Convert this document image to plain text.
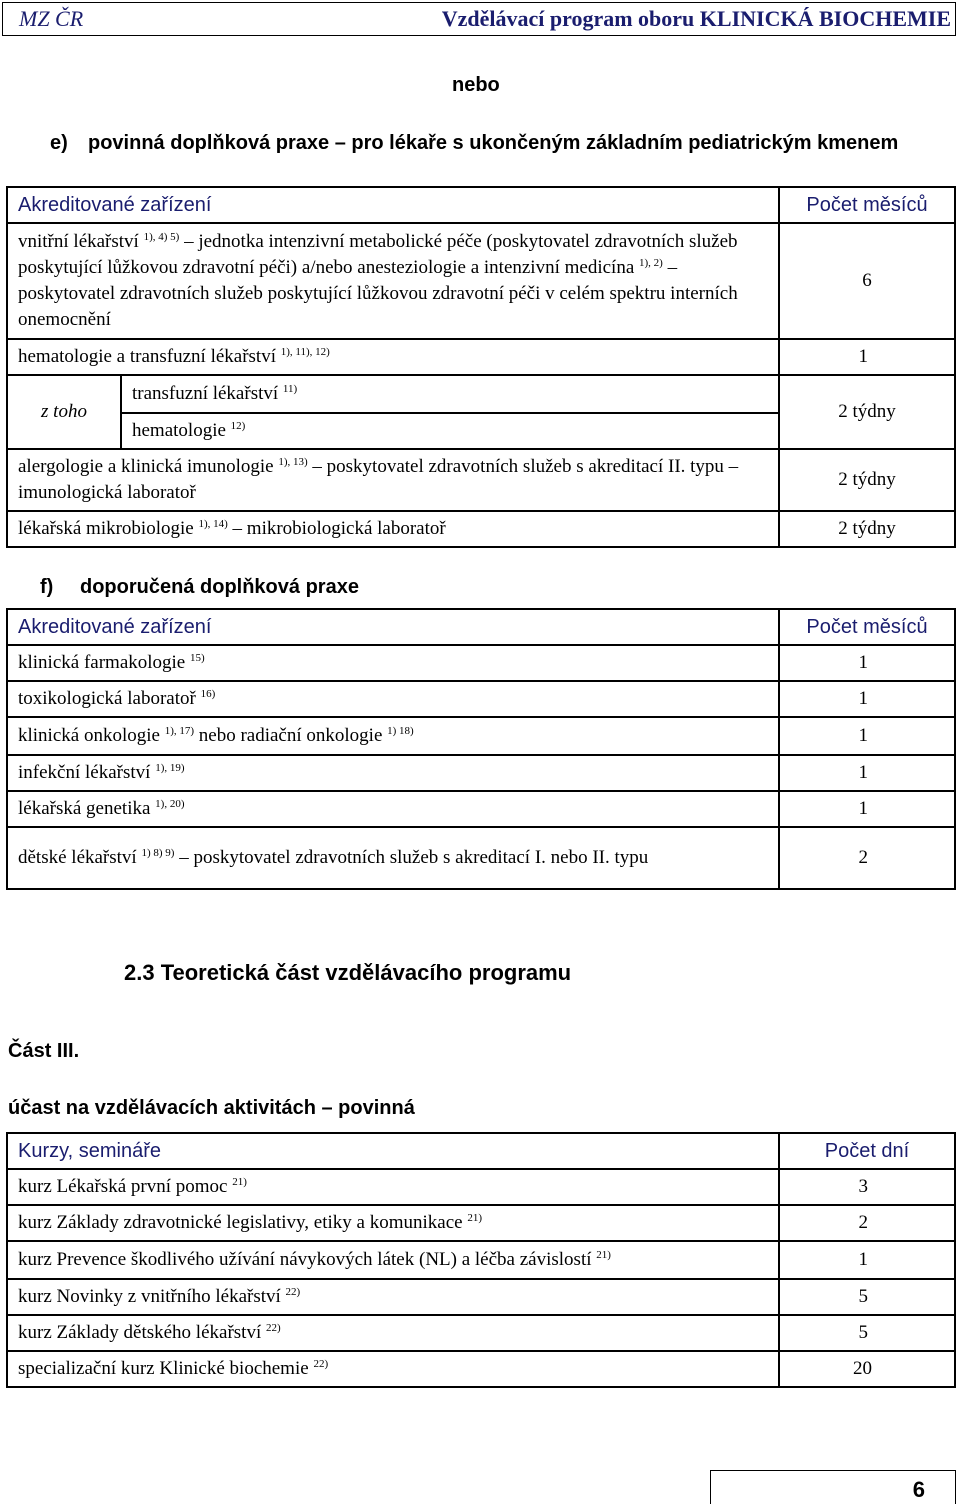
MZ ČR	Vzdělávací program oboru KLINICKÁ BIOCHEMIE
nebo
e) povinná doplňková praxe – pro lékaře s ukončeným základním pediatrickým kmenem
Akreditované zařízení		Počet měsíců
vnitřní lékařství $^{1), 4) 5)}$ – jednotka intenzivní metabolické péče (poskytovatel zdravotních služeb poskytující lůžkovou zdravotní péči) a/nebo anesteziologie a intenzivní medicína $^{1), 2)}$ – poskytovatel zdravotních služeb poskytující lůžkovou zdravotní péči v celém spektru interních onemocnění		6
hematologie a transfuzní lékařství $^{1), 11), 12)}$		1
z toho	transfuzní lékařství $^{11)}$	2 týdny
	hematologie $^{12)}$
alergologie a klinická imunologie $^{1), 13)}$ – poskytovatel zdravotních služeb s akreditací II. typu – imunologická laboratoř		2 týdny
lékařská mikrobiologie $^{1), 14)}$ – mikrobiologická laboratoř		2 týdny
f) doporučená doplňková praxe
Akreditované zařízení	Počet měsíců
klinická farmakologie $^{15)}$	1
toxikologická laboratoř $^{16)}$	1
klinická onkologie $^{1), 17)}$ nebo radiační onkologie $^{1) 18)}$	1
infekční lékařství $^{1), 19)}$	1
lékařská genetika $^{1), 20)}$	1
dětské lékařství $^{1) 8) 9)}$ – poskytovatel zdravotních služeb s akreditací I. nebo II. typu	2
2.3 Teoretická část vzdělávacího programu
Část III.
účast na vzdělávacích aktivitách – povinná
Kurzy, semináře	Počet dní
kurz Lékařská první pomoc $^{21)}$	3
kurz Základy zdravotnické legislativy, etiky a komunikace $^{21)}$	2
kurz Prevence škodlivého užívání návykových látek (NL) a léčba závislostí $^{21)}$	1
kurz Novinky z vnitřního lékařství $^{22)}$	5
kurz Základy dětského lékařství $^{22)}$	5
specializační kurz Klinické biochemie $^{22)}$	20
6
